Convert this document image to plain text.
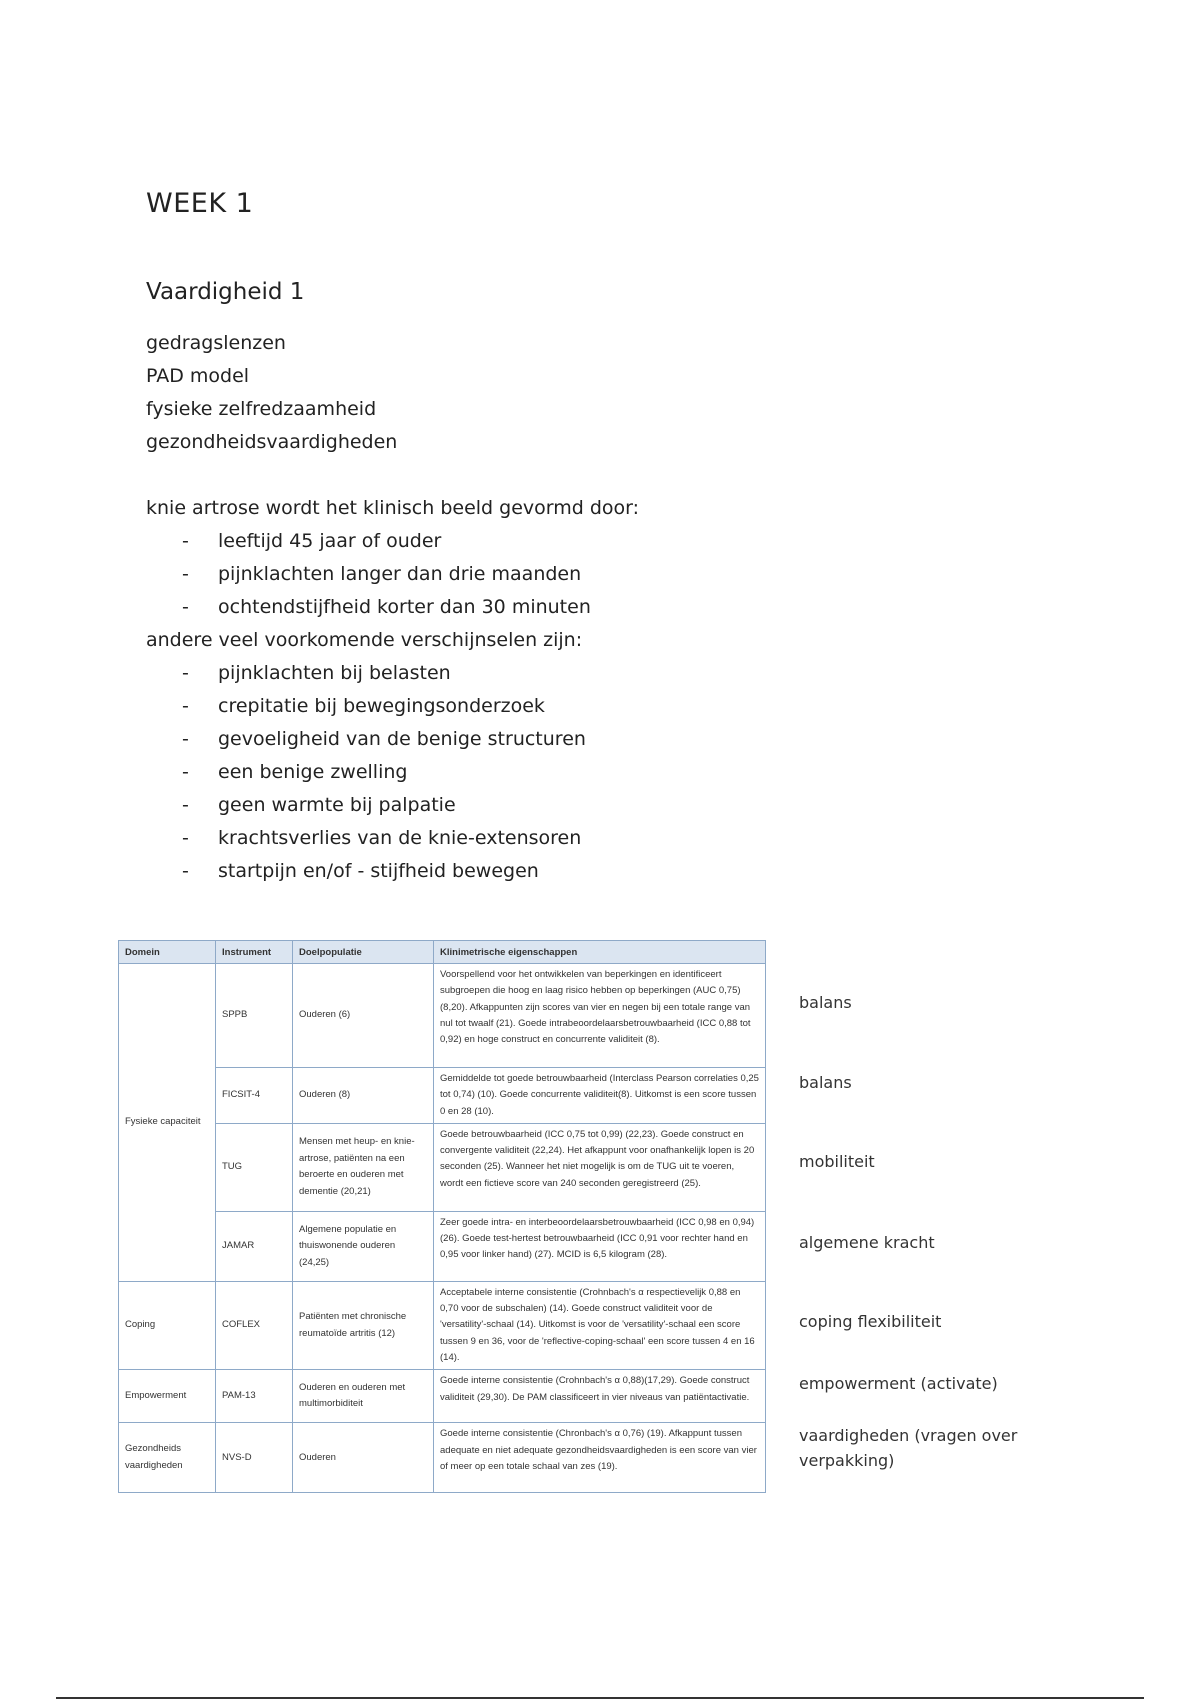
WEEK 1
Vaardigheid 1
gedragslenzen
PAD model
fysieke zelfredzaamheid
gezondheidsvaardigheden

knie artrose wordt het klinisch beeld gevormd door:

- leeftijd 45 jaar of ouder
- pijnklachten langer dan drie maanden
- ochtendstijfheid korter dan 30 minuten

andere veel voorkomende verschijnselen zijn:

- pijnklachten bij belasten
- crepitatie bij bewegingsonderzoek
- gevoeligheid van de benige structuren
- een benige zwelling
- geen warmte bij palpatie
- krachtsverlies van de knie-extensoren
- startpijn en/of - stijfheid bewegen
Domein	Instrument	Doelpopulatie	Klinimetrische eigenschappen
Fysieke capaciteit	SPPB	Ouderen (6)	Voorspellend voor het ontwikkelen van beperkingen en identificeert subgroepen die hoog en laag risico hebben op beperkingen (AUC 0,75) (8,20). Afkappunten zijn scores van vier en negen bij een totale range van nul tot twaalf (21). Goede intrabeoordelaarsbetrouwbaarheid (ICC 0,88 tot 0,92) en hoge construct en concurrente validiteit (8).
	FICSIT-4	Ouderen (8)	Gemiddelde tot goede betrouwbaarheid (Interclass Pearson correlaties 0,25 tot 0,74) (10). Goede concurrente validiteit(8). Uitkomst is een score tussen 0 en 28 (10).
	TUG	Mensen met heup- en knie-artrose, patiënten na een beroerte en ouderen met dementie (20,21)	Goede betrouwbaarheid (ICC 0,75 tot 0,99) (22,23). Goede construct en convergente validiteit (22,24). Het afkappunt voor onafhankelijk lopen is 20 seconden (25). Wanneer het niet mogelijk is om de TUG uit te voeren, wordt een fictieve score van 240 seconden geregistreerd (25).
	JAMAR	Algemene populatie en thuiswonende ouderen (24,25)	Zeer goede intra- en interbeoordelaarsbetrouwbaarheid (ICC 0,98 en 0,94)(26). Goede test-hertest betrouwbaarheid (ICC 0,91 voor rechter hand en 0,95 voor linker hand) (27). MCID is 6,5 kilogram (28).
Coping	COFLEX	Patiënten met chronische reumatoïde artritis (12)	Acceptabele interne consistentie (Crohnbach's α respectievelijk 0,88 en 0,70 voor de subschalen) (14). Goede construct validiteit voor de 'versatility'-schaal (14). Uitkomst is voor de 'versatility'-schaal een score tussen 9 en 36, voor de 'reflective-coping-schaal' een score tussen 4 en 16 (14).
Empowerment	PAM-13	Ouderen en ouderen met multimorbiditeit	Goede interne consistentie (Crohnbach's α 0,88)(17,29). Goede construct validiteit (29,30). De PAM classificeert in vier niveaus van patiëntactivatie.
Gezondheids vaardigheden	NVS-D	Ouderen	Goede interne consistentie (Chronbach's α 0,76) (19). Afkappunt tussen adequate en niet adequate gezondheidsvaardigheden is een score van vier of meer op een totale schaal van zes (19).

balans

balans

mobiliteit

algemene kracht

coping flexibiliteit

empowerment (activate)

vaardigheden (vragen over verpakking)
